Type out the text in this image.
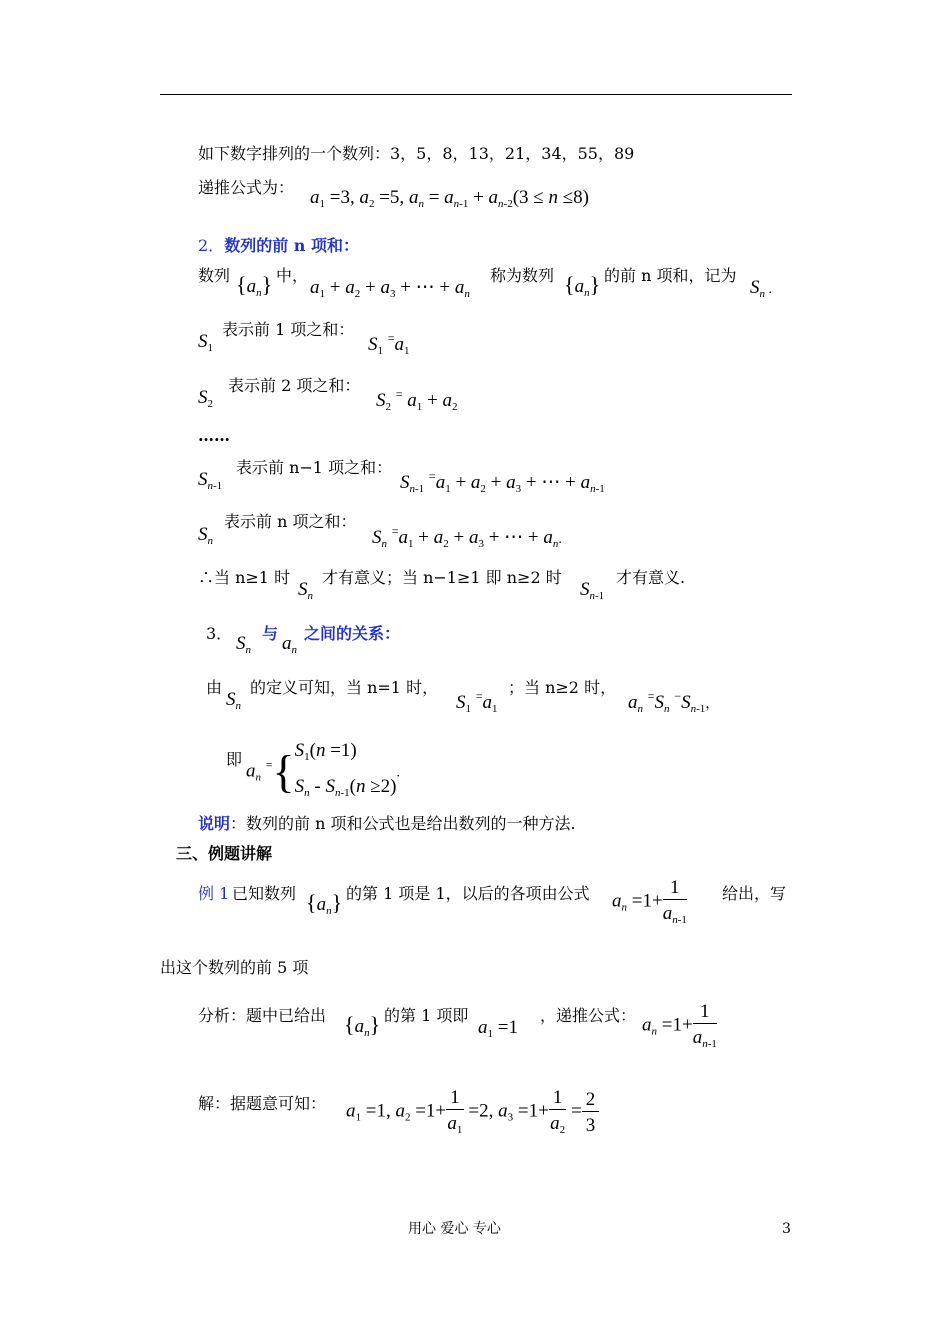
如下数字排列的一个数列：3，5，8，13，21，34，55，89
递推公式为： $a_1 =3$, $a_2 =5$, $a_n = a_{n-1} + a_{n-2}(3 \le n \le 8)$
2．数列的前 n 项和：
数列 $\{a_n\}$ 中，
$a_1 + a_2 + a_3$ + ⋯ + $a_n$
称为数列 $\{a_n\}$ 的前 n 项和，记为
$S_n$ .
$S_1$
表示前 1 项之和：
$S_1$ $^=a_1$
$S_2$
表示前 2 项之和：
$S_2$ = $a_1 + a_2$
……
$S_{n-1}$
表示前 n−1 项之和：
$S_{n-1}$ $^=a_1 + a_2 + a_3$ + ⋯ + $a_{n-1}$
$S_n$
表示前 n 项之和：
$S_n$ $^=a_1 + a_2 + a_3$ + ⋯ + $a_n$.
∴当 n≥1 时
$S_n$
才有意义；当 n−1≥1 即 n≥2 时
$S_{n-1}$
才有意义.
3． $S_n$
与 $a_n$
之间的关系：
由
$S_n$
的定义可知，当 n=1 时，
$S_1$ $^=a_1$
；当 n≥2 时，
$a_n$ $^=S_n$ $^-S_{n-1}$，
即
$a_n$ ={ $S_1(n =1)$
$S_n - S_{n-1}(n \ge 2)$
.
说明：数列的前 n 项和公式也是给出数列的一种方法.
三、例题讲解
例 1 已知数列 $\{a_n\}$ 的第 1 项是 1，以后的各项由公式 $a_n =1+ \frac{1}{a_{n-1}}$ 给出，写
出这个数列的前 5 项
分析：题中已给出 $\{a_n\}$ 的第 1 项即
$a_1 =1$
，递推公式： $a_n =1+ \frac{1}{a_{n-1}}$
解：据题意可知： $a_1 =1$, $a_2 =1+ \frac{1}{a_1} =2$, $a_3 =1+ \frac{1}{a_2} = \frac{2}{3}$
用心 爱心 专心	3
